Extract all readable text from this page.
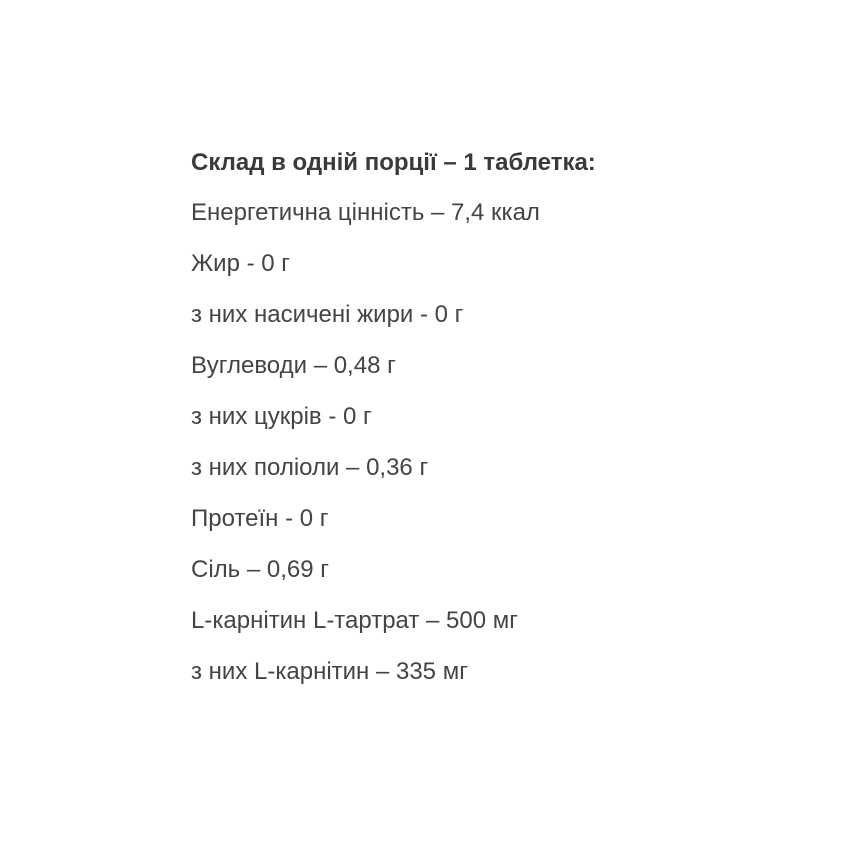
Склад в одній порції – 1 таблетка:

Енергетична цінність – 7,4 ккал
Жир - 0 г
з них насичені жири - 0 г
Вуглеводи – 0,48 г
з них цукрів - 0 г
з них поліоли – 0,36 г
Протеїн - 0 г
Сіль – 0,69 г
L-карнітин L-тартрат – 500 мг
з них L-карнітин – 335 мг
